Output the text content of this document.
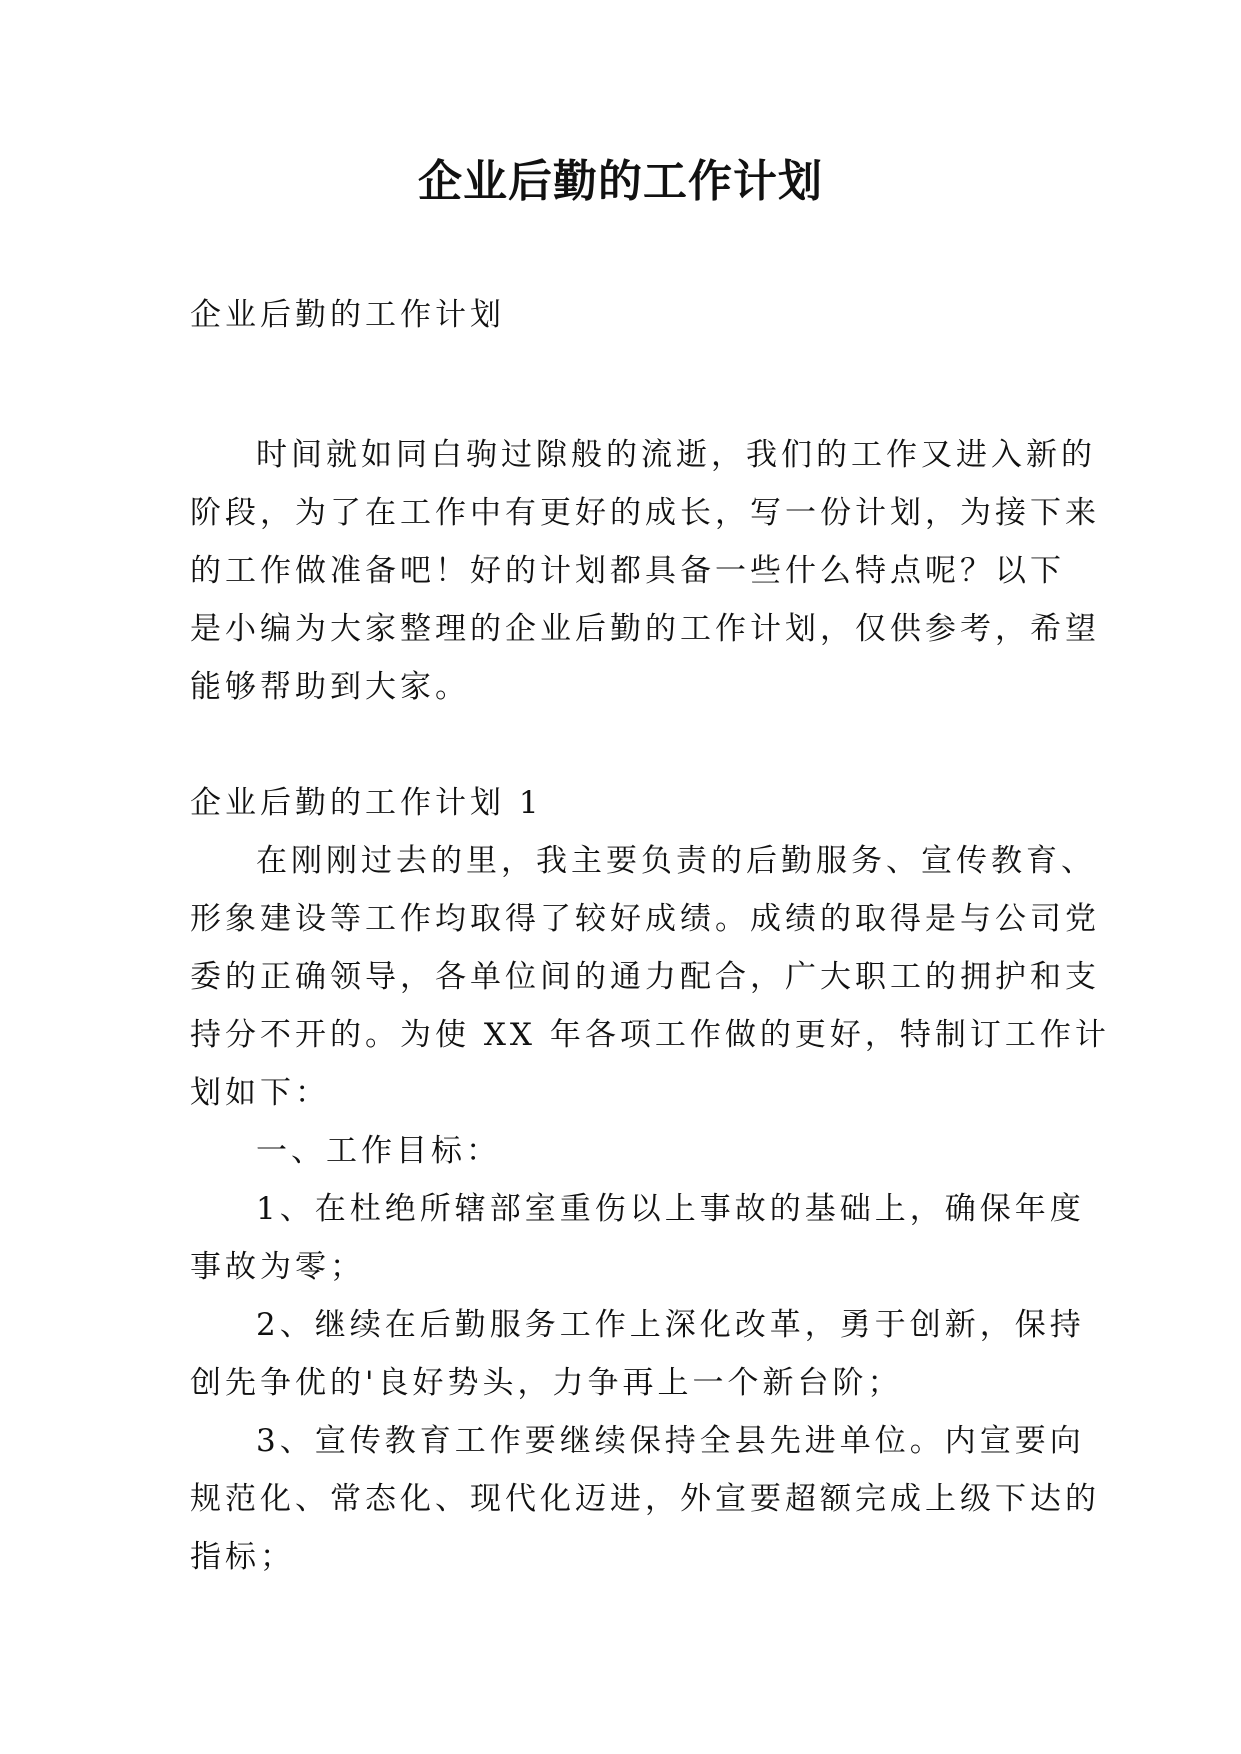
企业后勤的工作计划
企业后勤的工作计划
时间就如同白驹过隙般的流逝，我们的工作又进入新的
阶段，为了在工作中有更好的成长，写一份计划，为接下来
的工作做准备吧！好的计划都具备一些什么特点呢？以下
是小编为大家整理的企业后勤的工作计划，仅供参考，希望
能够帮助到大家。
企业后勤的工作计划 1
在刚刚过去的里，我主要负责的后勤服务、宣传教育、
形象建设等工作均取得了较好成绩。成绩的取得是与公司党
委的正确领导，各单位间的通力配合，广大职工的拥护和支
持分不开的。为使 XX 年各项工作做的更好，特制订工作计
划如下：
一、工作目标：
1、在杜绝所辖部室重伤以上事故的基础上，确保年度
事故为零；
2、继续在后勤服务工作上深化改革，勇于创新，保持
创先争优的'良好势头，力争再上一个新台阶；
3、宣传教育工作要继续保持全县先进单位。内宣要向
规范化、常态化、现代化迈进，外宣要超额完成上级下达的
指标；
